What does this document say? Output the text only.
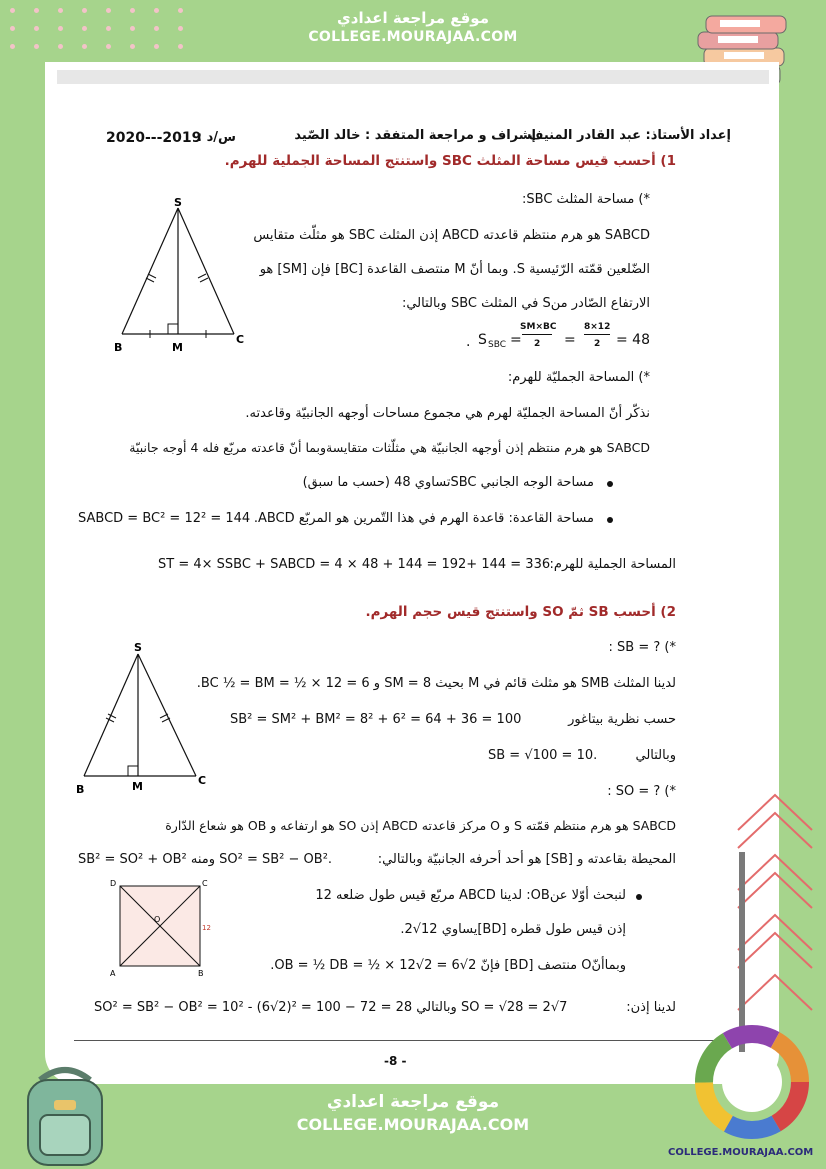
موقع مراجعة اعدادي
COLLEGE.MOURAJAA.COM
إعداد الأستاذ: عبد القادر المنيف
إشراف و مراجعة المتفقد : خالد الصّيد
س/د :
2020---2019
1) أحسب قيس مساحة المثلث SBC واستنتج المساحة الجملية للهرم.
*) مساحة المثلث SBC:
SABCD هو هرم منتظم قاعدته ABCD إذن المثلث SBC هو مثلّث متقايس
الضّلعين قمّته الرّئيسية S. وبما أنّ M منتصف القاعدة [BC] فإن [SM] هو
الارتفاع الصّادر منS في المثلث SBC وبالتالي:
. S SBC =
SM×BC
2 =
8×12
2 = 48
*) المساحة الجمليّة للهرم:
نذكّر أنّ المساحة الجمليّة لهرم هي مجموع مساحات أوجهه الجانبيّة وقاعدته.
SABCD هو هرم منتظم إذن أوجهه الجانبيّة هي مثلّثات متقايسةوبما أنّ قاعدته مربّع فله 4 أوجه جانبيّة
مساحة الوجه الجانبي SBCتساوي 48 (حسب ما سبق)
مساحة القاعدة: قاعدة الهرم في هذا التّمرين هو المربّع ABCD.
SABCD = BC² = 12² = 144
المساحة الجملية للهرم:
ST = 4× SSBC + SABCD = 4 × 48 + 144 = 192+ 144 = 336
S
B	M
C
2) أحسب SB ثمّ SO واستنتج قيس حجم الهرم.
: SB = ? (*
لدينا المثلث SMB هو مثلث قائم في M بحيث SM = 8 و 6 = 12 × ½ = BC ½ = BM.
حسب نظرية بيتاغور
SB² = SM² + BM² = 8² + 6² = 64 + 36 = 100
وبالتالي
SB = √100 = 10.
: SO = ? (*
SABCD هو هرم منتظم قمّته S و O مركز قاعدته ABCD إذن SO هو ارتفاعه و OB هو شعاع الدّارة
المحيطة بقاعدته و [SB] هو أحد أحرفه الجانبيّة وبالتالي:
SB² = SO² + OB² ومنه SO² = SB² − OB².
لنبحث أوّلا عنOB: لدينا ABCD مربّع قيس طول ضلعه 12
إذن قيس طول قطره [BD]يساوي 12√2.
وبماأنّO منتصف [BD] فإنّ OB = ½ DB = ½ × 12√2 = 6√2.
لدينا إذن:
SO = √28 = 2√7 وبالتالي SO² = SB² − OB² = 10² - (6√2)² = 100 − 72 = 28
S
B	M	C
D	C
A	B
O
12
-8 -
موقع مراجعة اعدادي
COLLEGE.MOURAJAA.COM
COLLEGE.MOURAJAA.COM
